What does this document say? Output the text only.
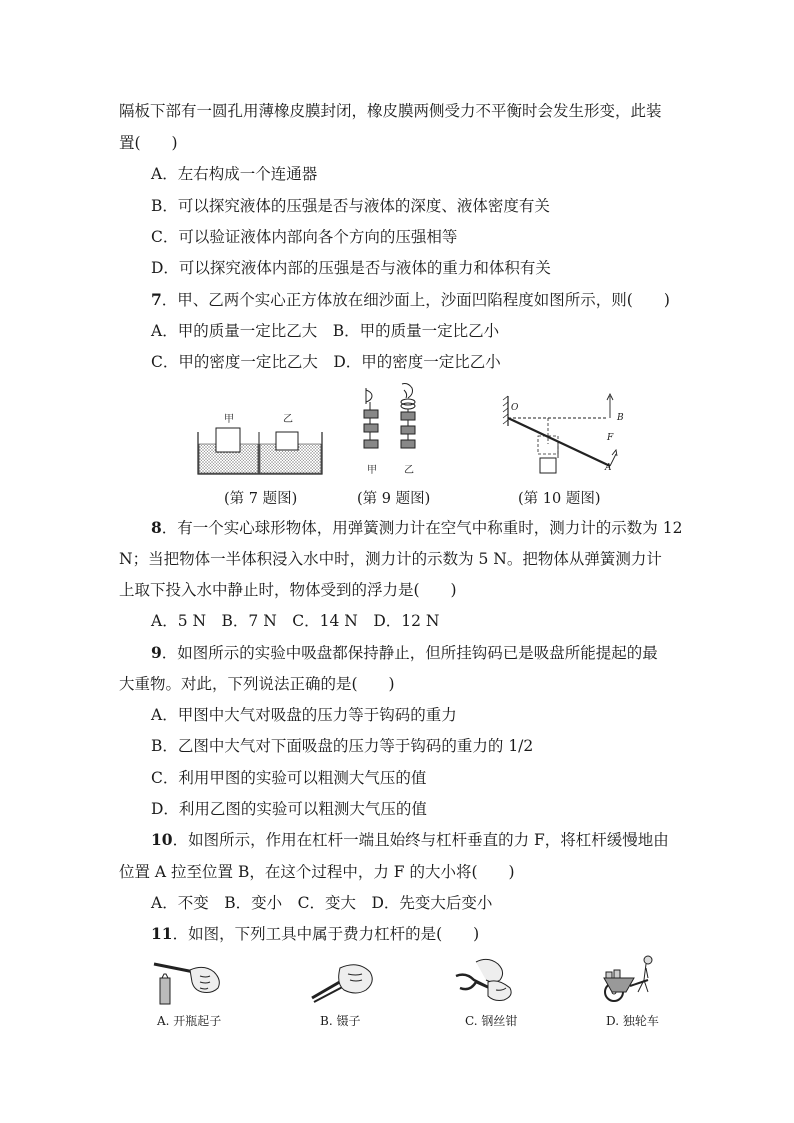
隔板下部有一圆孔用薄橡皮膜封闭，橡皮膜两侧受力不平衡时会发生形变，此装
置(　　)
A．左右构成一个连通器
B．可以探究液体的压强是否与液体的深度、液体密度有关
C．可以验证液体内部向各个方向的压强相等
D．可以探究液体内部的压强是否与液体的重力和体积有关
7．甲、乙两个实心正方体放在细沙面上，沙面凹陷程度如图所示，则(　　)
A．甲的质量一定比乙大　B．甲的质量一定比乙小
C．甲的密度一定比乙大　D．甲的密度一定比乙小
甲	乙
甲	乙
O
B
F
A
(第 7 题图)	(第 9 题图)	(第 10 题图)
8．有一个实心球形物体，用弹簧测力计在空气中称重时，测力计的示数为 12
N；当把物体一半体积浸入水中时，测力计的示数为 5 N。把物体从弹簧测力计
上取下投入水中静止时，物体受到的浮力是(　　)
A．5 N　B．7 N　C．14 N　D．12 N
9．如图所示的实验中吸盘都保持静止，但所挂钩码已是吸盘所能提起的最
大重物。对此，下列说法正确的是(　　)
A．甲图中大气对吸盘的压力等于钩码的重力
B．乙图中大气对下面吸盘的压力等于钩码的重力的 1/2
C．利用甲图的实验可以粗测大气压的值
D．利用乙图的实验可以粗测大气压的值
10．如图所示，作用在杠杆一端且始终与杠杆垂直的力 F，将杠杆缓慢地由
位置 A 拉至位置 B，在这个过程中，力 F 的大小将(　　)
A．不变　B．变小　C．变大　D．先变大后变小
11．如图，下列工具中属于费力杠杆的是(　　)
A. 开瓶起子	B. 镊子	C. 钢丝钳	D. 独轮车
